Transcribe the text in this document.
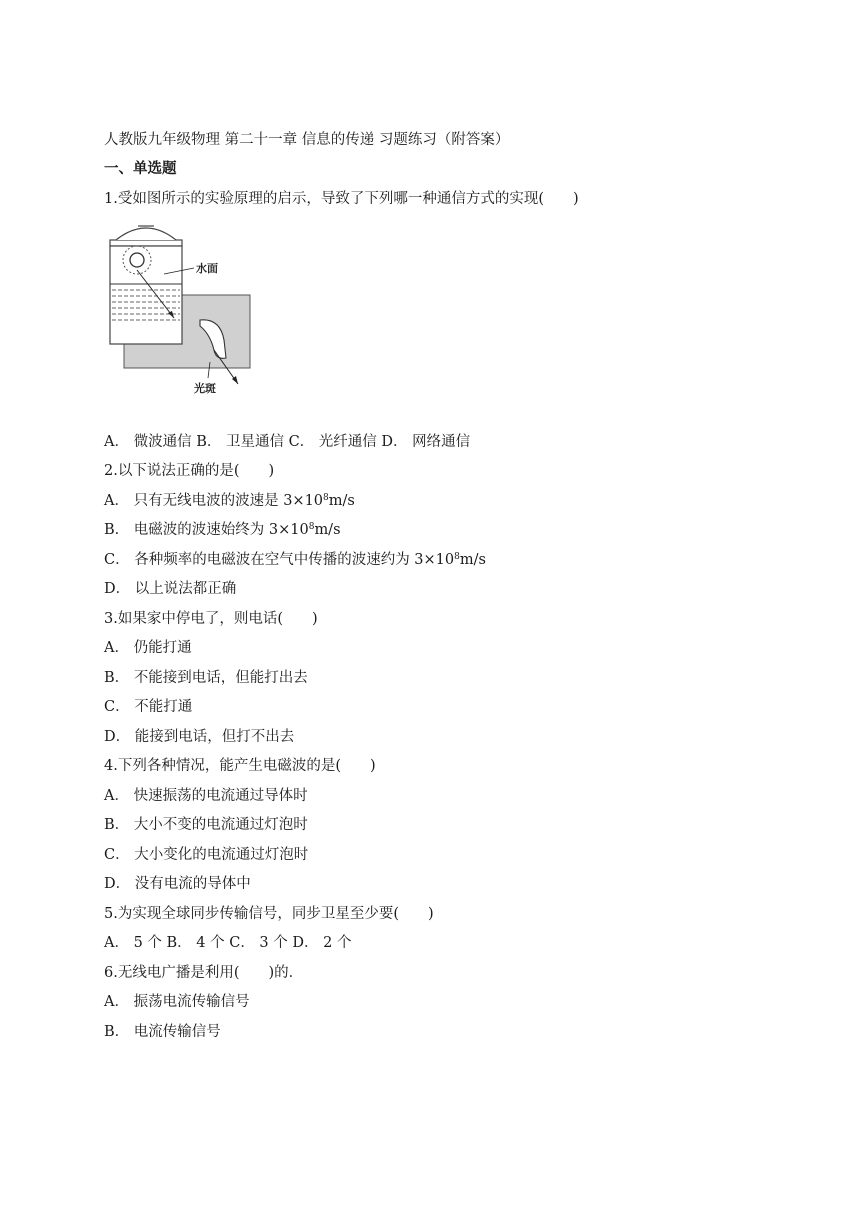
人教版九年级物理 第二十一章 信息的传递 习题练习（附答案）
一、单选题
1.受如图所示的实验原理的启示，导致了下列哪一种通信方式的实现(　　)
水面
光斑
A． 微波通信 B． 卫星通信 C． 光纤通信 D． 网络通信
2.以下说法正确的是(　　)
A． 只有无线电波的波速是 $3\times 10^8m/s$
B． 电磁波的波速始终为 $3\times 10^8m/s$
C． 各种频率的电磁波在空气中传播的波速约为 $3\times 10^8m/s$
D． 以上说法都正确
3.如果家中停电了，则电话(　　)
A． 仍能打通
B． 不能接到电话，但能打出去
C． 不能打通
D． 能接到电话，但打不出去
4.下列各种情况，能产生电磁波的是(　　)
A． 快速振荡的电流通过导体时
B． 大小不变的电流通过灯泡时
C． 大小变化的电流通过灯泡时
D． 没有电流的导体中
5.为实现全球同步传输信号，同步卫星至少要(　　)
A． 5 个 B． 4 个 C． 3 个 D． 2 个
6.无线电广播是利用(　　)的．
A． 振荡电流传输信号
B． 电流传输信号
